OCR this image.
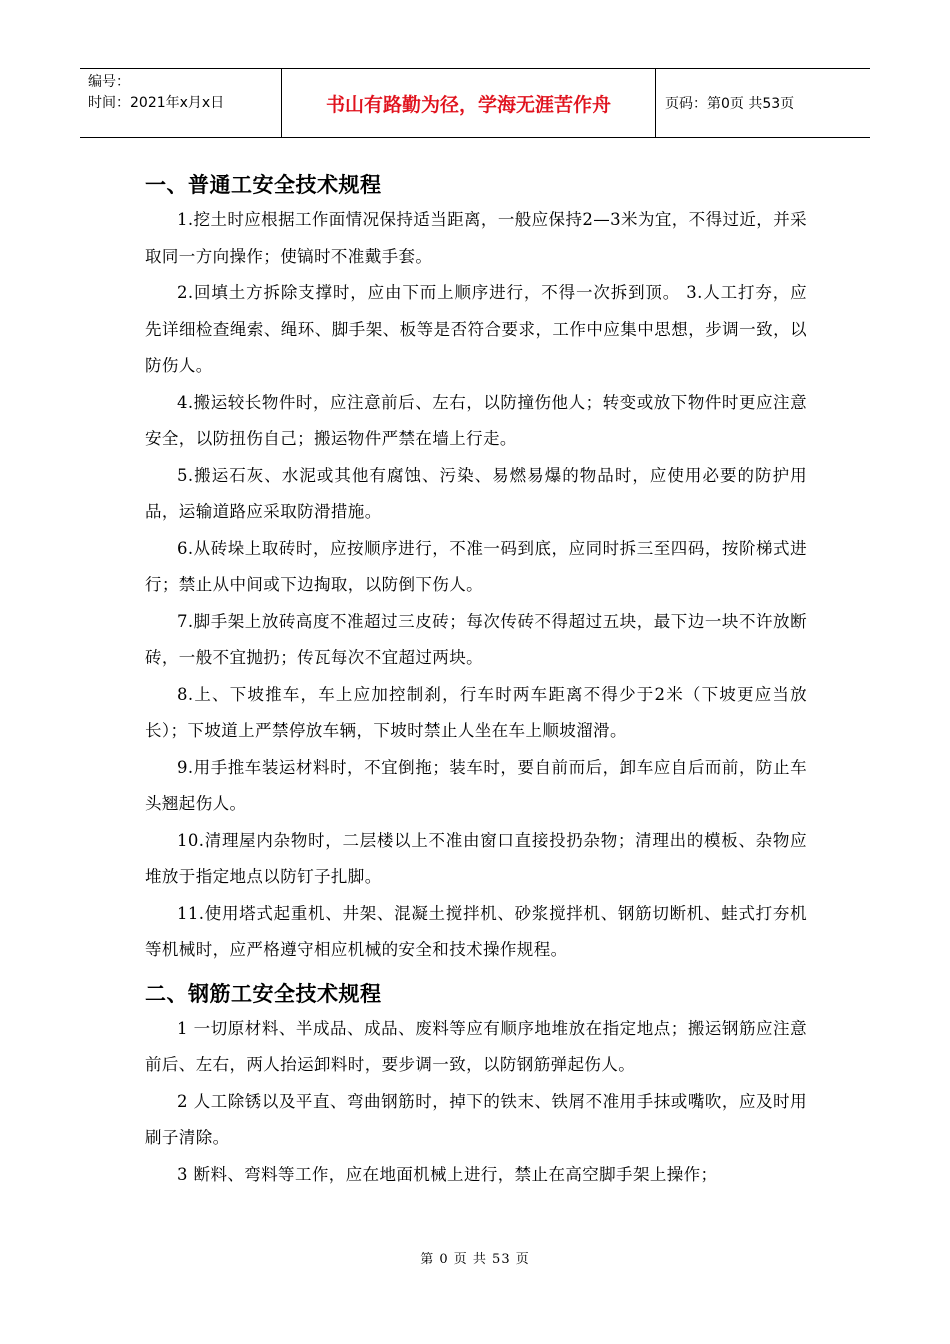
编号：
时间：2021年x月x日	书山有路勤为径，学海无涯苦作舟	页码：第0页 共53页
一、普通工安全技术规程

1.挖土时应根据工作面情况保持适当距离，一般应保持2—3米为宜，不得过近，并采取同一方向操作；使镐时不准戴手套。

2.回填土方拆除支撑时，应由下而上顺序进行，不得一次拆到顶。 3.人工打夯，应先详细检查绳索、绳环、脚手架、板等是否符合要求，工作中应集中思想，步调一致，以防伤人。

4.搬运较长物件时，应注意前后、左右，以防撞伤他人；转变或放下物件时更应注意安全，以防扭伤自己；搬运物件严禁在墙上行走。

5.搬运石灰、水泥或其他有腐蚀、污染、易燃易爆的物品时，应使用必要的防护用品，运输道路应采取防滑措施。

6.从砖垛上取砖时，应按顺序进行，不准一码到底，应同时拆三至四码，按阶梯式进行；禁止从中间或下边掏取，以防倒下伤人。

7.脚手架上放砖高度不准超过三皮砖；每次传砖不得超过五块，最下边一块不许放断砖，一般不宜抛扔；传瓦每次不宜超过两块。

8.上、下坡推车，车上应加控制刹，行车时两车距离不得少于2米（下坡更应当放长）；下坡道上严禁停放车辆，下坡时禁止人坐在车上顺坡溜滑。

9.用手推车装运材料时，不宜倒拖；装车时，要自前而后，卸车应自后而前，防止车头翘起伤人。

10.清理屋内杂物时，二层楼以上不准由窗口直接投扔杂物；清理出的模板、杂物应堆放于指定地点以防钉子扎脚。

11.使用塔式起重机、井架、混凝土搅拌机、砂浆搅拌机、钢筋切断机、蛙式打夯机等机械时，应严格遵守相应机械的安全和技术操作规程。

二、钢筋工安全技术规程

1 一切原材料、半成品、成品、废料等应有顺序地堆放在指定地点；搬运钢筋应注意前后、左右，两人抬运卸料时，要步调一致，以防钢筋弹起伤人。

2 人工除锈以及平直、弯曲钢筋时，掉下的铁末、铁屑不准用手抹或嘴吹，应及时用刷子清除。

3 断料、弯料等工作，应在地面机械上进行，禁止在高空脚手架上操作；

第 0 页 共 53 页
